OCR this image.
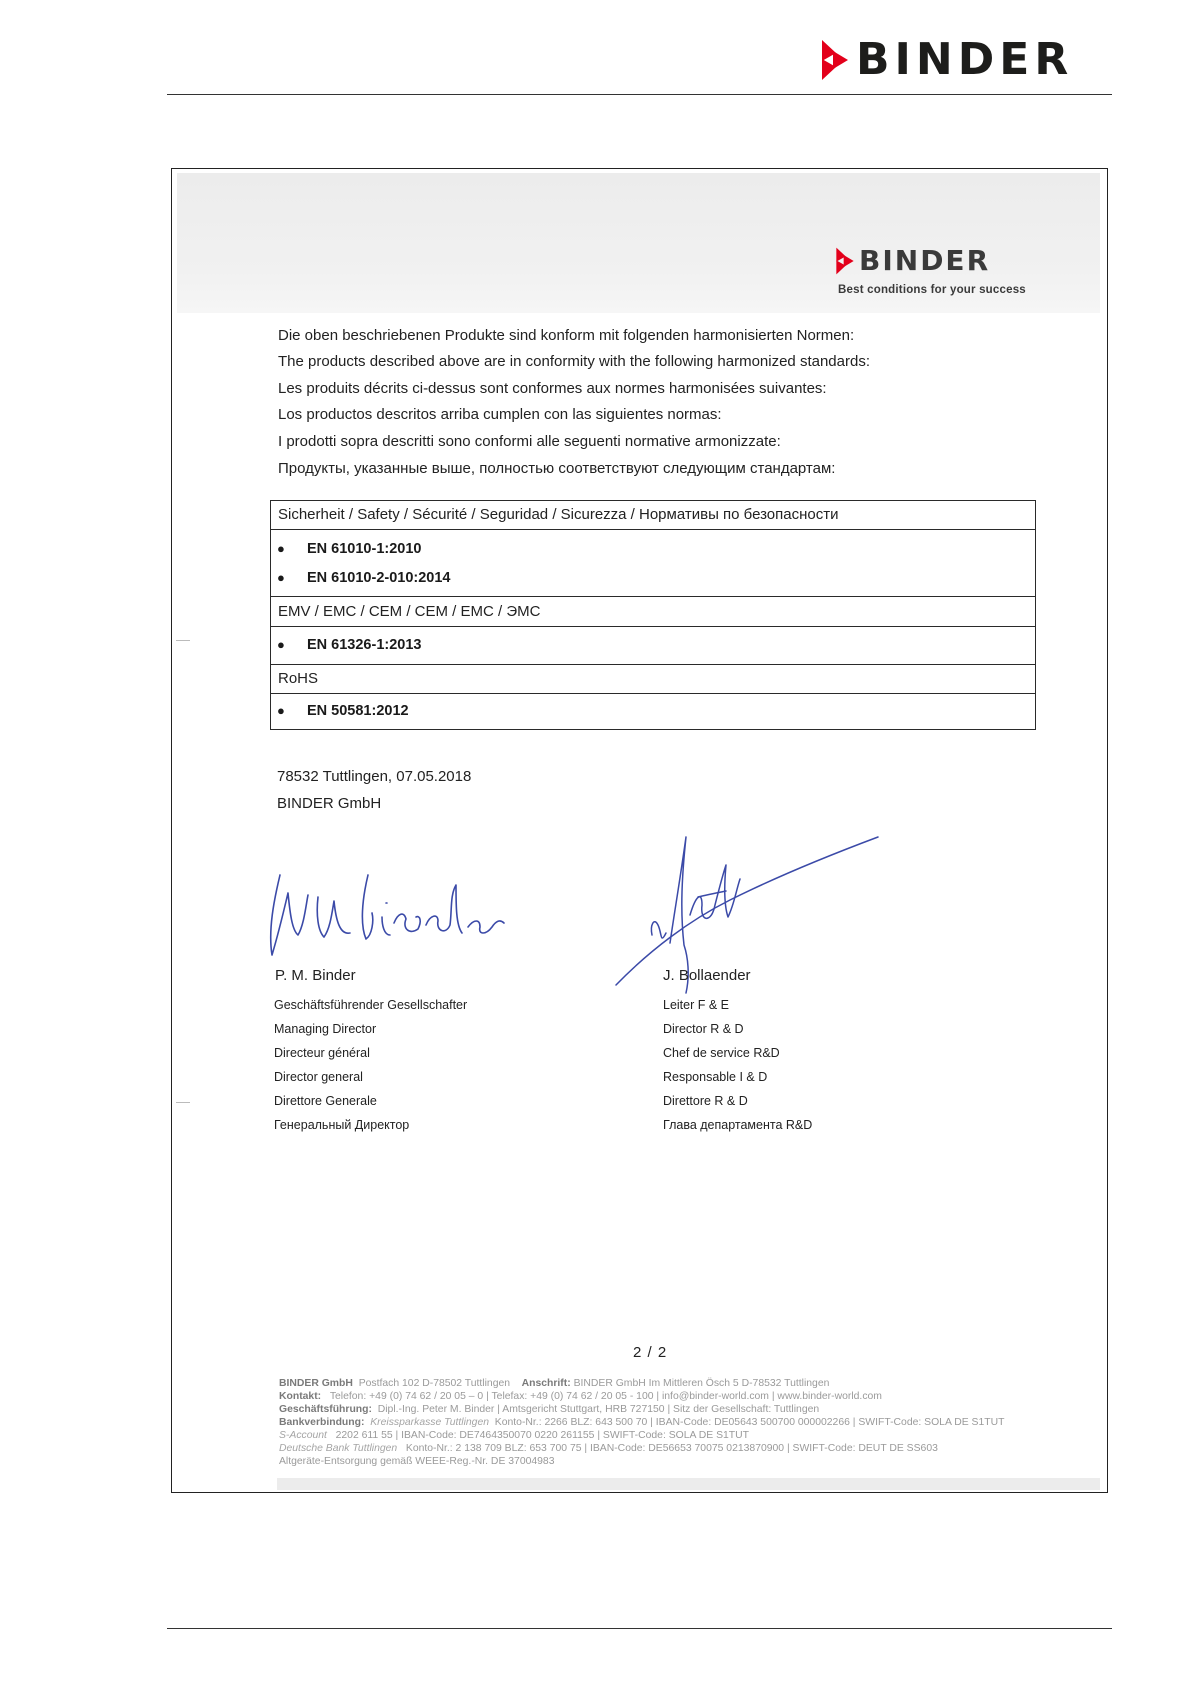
BINDER
BINDER
Best conditions for your success
Die oben beschriebenen Produkte sind konform mit folgenden harmonisierten Normen:
The products described above are in conformity with the following harmonized standards:
Les produits décrits ci-dessus sont conformes aux normes harmonisées suivantes:
Los productos descritos arriba cumplen con las siguientes normas:
I prodotti sopra descritti sono conformi alle seguenti normative armonizzate:
Продукты, указанные выше, полностью соответствуют следующим стандартам:
Sicherheit / Safety / Sécurité / Seguridad / Sicurezza / Нормативы по безопасности
● EN 61010-1:2010
● EN 61010-2-010:2014
EMV / EMC / CEM / CEM / EMC / ЭМС
● EN 61326-1:2013
RoHS
● EN 50581:2012
78532 Tuttlingen, 07.05.2018
BINDER GmbH
P. M. Binder
Geschäftsführender Gesellschafter
Managing Director
Directeur général
Director general
Direttore Generale
Генеральный Директор
J. Bollaender
Leiter F & E
Director R & D
Chef de service R&D
Responsable I & D
Direttore R & D
Глава департамента R&D
2 / 2
BINDER GmbH Postfach 102 D-78502 Tuttlingen Anschrift: BINDER GmbH Im Mittleren Ösch 5 D-78532 Tuttlingen
Kontakt: Telefon: +49 (0) 74 62 / 20 05 – 0 | Telefax: +49 (0) 74 62 / 20 05 - 100 | info@binder-world.com | www.binder-world.com
Geschäftsführung: Dipl.-Ing. Peter M. Binder | Amtsgericht Stuttgart, HRB 727150 | Sitz der Gesellschaft: Tuttlingen
Bankverbindung: Kreissparkasse Tuttlingen Konto-Nr.: 2266 BLZ: 643 500 70 | IBAN-Code: DE05643 500700 000002266 | SWIFT-Code: SOLA DE S1TUT
S-Account 2202 611 55 | IBAN-Code: DE7464350070 0220 261155 | SWIFT-Code: SOLA DE S1TUT
Deutsche Bank Tuttlingen Konto-Nr.: 2 138 709 BLZ: 653 700 75 | IBAN-Code: DE56653 70075 0213870900 | SWIFT-Code: DEUT DE SS603
Altgeräte-Entsorgung gemäß WEEE-Reg.-Nr. DE 37004983
